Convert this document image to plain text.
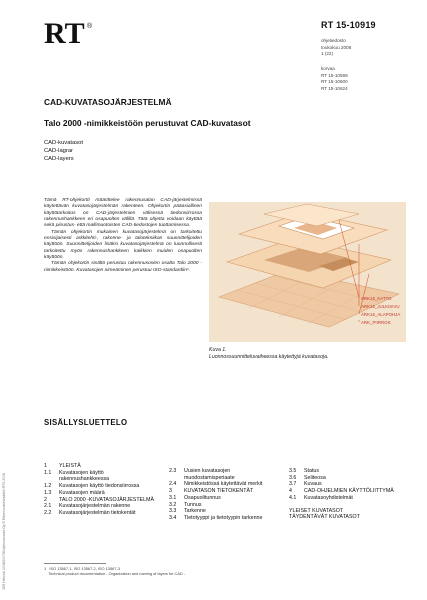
RT ®	RT 15-10919
ohjetiedosto
toukokuu 2008
1 (22)
korvaa
RT 15-10599
RT 15-10600
RT 15-10624
CAD-KUVATASOJÄRJESTELMÄ
Talo 2000 -nimikkeistöön perustuvat CAD-kuvatasot
CAD-kuvatasot
CAD-lagrar
CAD-layers

Tämä RT-ohjekortti määrittelee rakennusalan CAD-järjestelmissä käytettävän kuvatasojärjestelmän rakenteen. Ohjekortin pääasiallinen käyttötarkoitus on CAD-järjestelmien välisessä tiedonsiirrossa rakennushankkeen eri osapuolten välillä. Tätä ohjetta voidaan käyttää sekä piirustus- että mallimuotoisten CAD-tiedostojen tuottamisessa.

Tämän ohjekortin mukainen kuvatasojärjestelmä on tarkoitettu ensisijaisesti arkkitehti-, rakenne- ja talotekniikan suunnittelijoiden käyttöön. Suunnittelijoiden lisäksi kuvatasojärjestelmä on luonnollisesti tarkoitettu myös rakennushankkeen kaikkien muiden osapuolten käyttöön.

Tämän ohjekortin sisältö perustuu rakennusosien osalta Talo 2000 -nimikkeistöön. Kuvatasojen nimeäminen perustuu ISO-standardiin¹.

ARK16_KATTO
ARK16_JULKISIVU
ARK16_ALAPOHJA
ARK_PIIRROS
Kuva 1.
Luonnossuunnitteluvaiheessa käytettyjä kuvatasoja.
JJ/5 Helsinki 2008/2007/Kuljetusmuodot Oy © Rakennustietosäätiö RTS 2008
SISÄLLYSLUETTELO
1	YLEISTÄ
1.1	Kuvatasojen käyttö rakennushankkeessa
1.2	Kuvatasojen käyttö tiedonsiirrossa
1.3	Kuvatasojen määrä
2	TALO 2000 -KUVATASOJÄRJESTELMÄ
2.1	Kuvatasojärjestelmän rakenne
2.2	Kuvatasojärjestelmän tietokentät
2.3	Uusien kuvatasojen muodostamisperiaate
2.4	Nimikkeistössä käytettävät merkit
3	KUVATASON TIETOKENTÄT
3.1	Osapuolitunnus
3.2	Tunnus
3.3	Tarkenne
3.4	Tietotyyppi ja tietotyypin tarkenne
3.5	Status
3.6	Seliteosa
3.7	Kuvaus
4	CAD-OHJELMIEN KÄYTTÖLIITTYMÄ
4.1	Kuvatasoyhdistelmät
YLEISET KUVATASOT
TÄYDENTÄVÄT KUVATASOT
1   ISO 13567-1, ISO 13567-2, ISO 13567-3
Technical product documentation - Organization and naming of layers for CAD -
